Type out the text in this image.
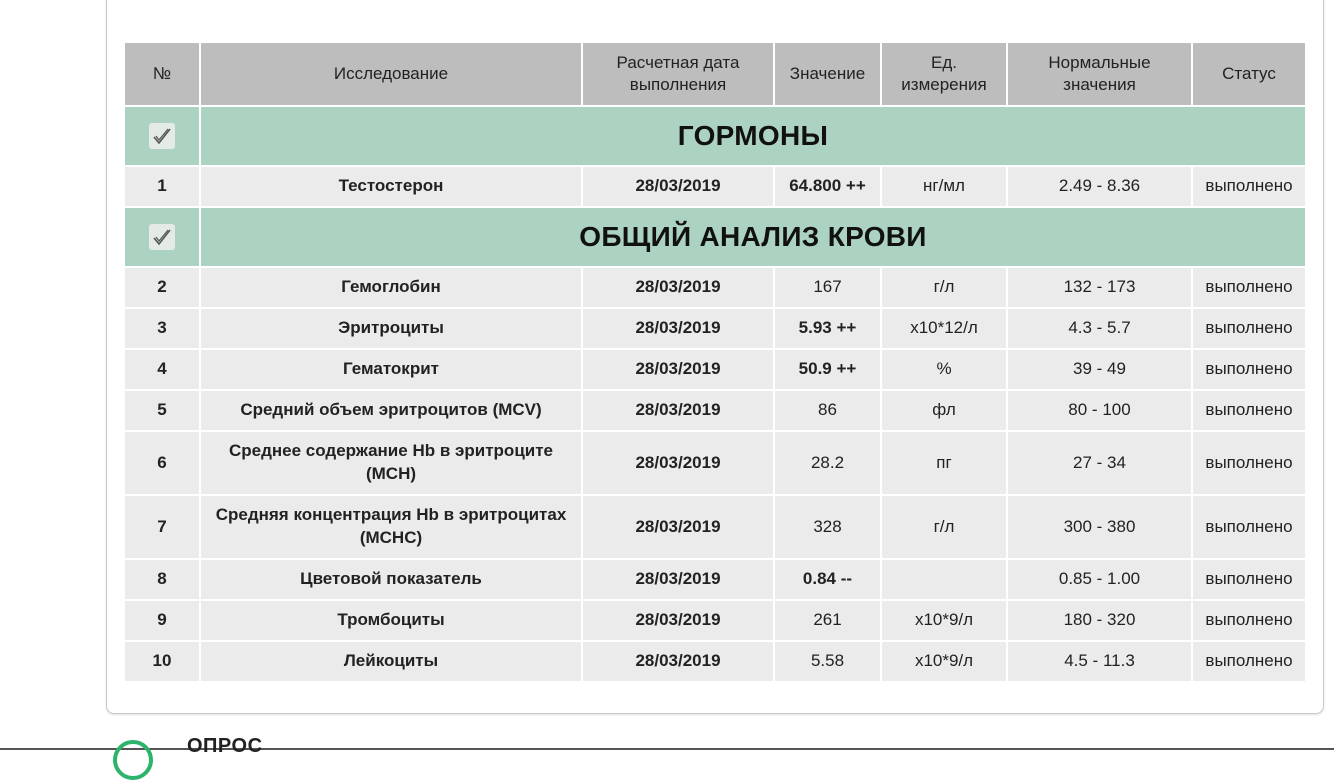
№	Исследование	Расчетная дата выполнения	Значение	Ед. измерения	Нормальные значения	Статус

	ГОРМОНЫ					
1	Тестостерон	28/03/2019	64.800 ++	нг/мл	2.49 - 8.36	выполнено

	ОБЩИЙ АНАЛИЗ КРОВИ					
2	Гемоглобин	28/03/2019	167	г/л	132 - 173	выполнено
3	Эритроциты	28/03/2019	5.93 ++	x10*12/л	4.3 - 5.7	выполнено
4	Гематокрит	28/03/2019	50.9 ++	%	39 - 49	выполнено
5	Средний объем эритроцитов (MCV)	28/03/2019	86	фл	80 - 100	выполнено
6	Среднее содержание Hb в эритроците (MCH)	28/03/2019	28.2	пг	27 - 34	выполнено
7	Средняя концентрация Hb в эритроцитах (MCHC)	28/03/2019	328	г/л	300 - 380	выполнено
8	Цветовой показатель	28/03/2019	0.84 --		0.85 - 1.00	выполнено
9	Тромбоциты	28/03/2019	261	x10*9/л	180 - 320	выполнено
10	Лейкоциты	28/03/2019	5.58	x10*9/л	4.5 - 11.3	выполнено
ОПРОС
